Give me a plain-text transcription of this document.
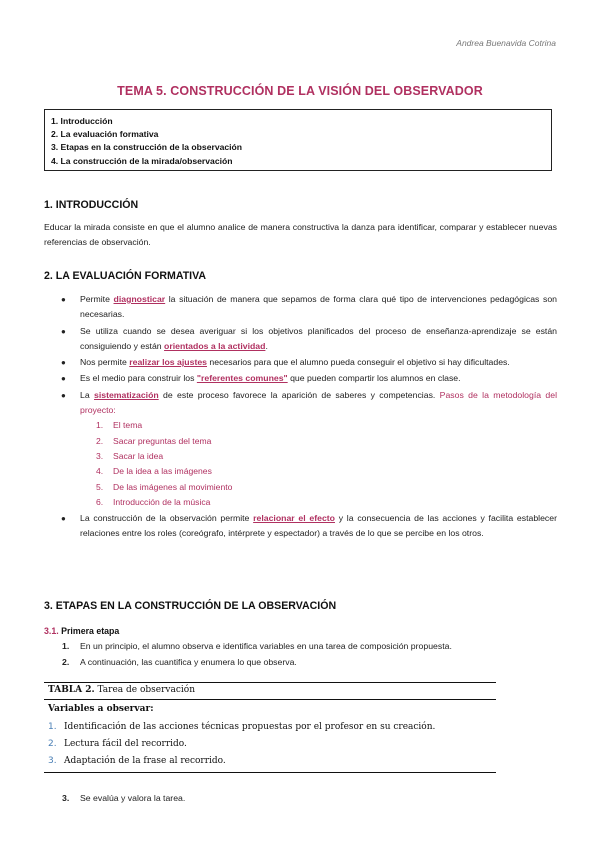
Andrea Buenavida Cotrina
TEMA 5. CONSTRUCCIÓN DE LA VISIÓN DEL OBSERVADOR
1. Introducción
2. La evaluación formativa
3. Etapas en la construcción de la observación
4. La construcción de la mirada/observación
1. INTRODUCCIÓN
Educar la mirada consiste en que el alumno analice de manera constructiva la danza para identificar, comparar y establecer nuevas referencias de observación.
2. LA EVALUACIÓN FORMATIVA
● Permite diagnosticar la situación de manera que sepamos de forma clara qué tipo de intervenciones pedagógicas son necesarias.
● Se utiliza cuando se desea averiguar si los objetivos planificados del proceso de enseñanza-aprendizaje se están consiguiendo y están orientados a la actividad.
● Nos permite realizar los ajustes necesarios para que el alumno pueda conseguir el objetivo si hay dificultades.
● Es el medio para construir los "referentes comunes" que pueden compartir los alumnos en clase.
● La sistematización de este proceso favorece la aparición de saberes y competencias. Pasos de la metodología del proyecto:
1. El tema
2. Sacar preguntas del tema
3. Sacar la idea
4. De la idea a las imágenes
5. De las imágenes al movimiento
6. Introducción de la música
● La construcción de la observación permite relacionar el efecto y la consecuencia de las acciones y facilita establecer relaciones entre los roles (coreógrafo, intérprete y espectador) a través de lo que se percibe en los otros.
3. ETAPAS EN LA CONSTRUCCIÓN DE LA OBSERVACIÓN
3.1. Primera etapa
1. En un principio, el alumno observa e identifica variables en una tarea de composición propuesta.
2. A continuación, las cuantifica y enumera lo que observa.
TABLA 2. Tarea de observación
Variables a observar:
1. Identificación de las acciones técnicas propuestas por el profesor en su creación.
2. Lectura fácil del recorrido.
3. Adaptación de la frase al recorrido.
3. Se evalúa y valora la tarea.
